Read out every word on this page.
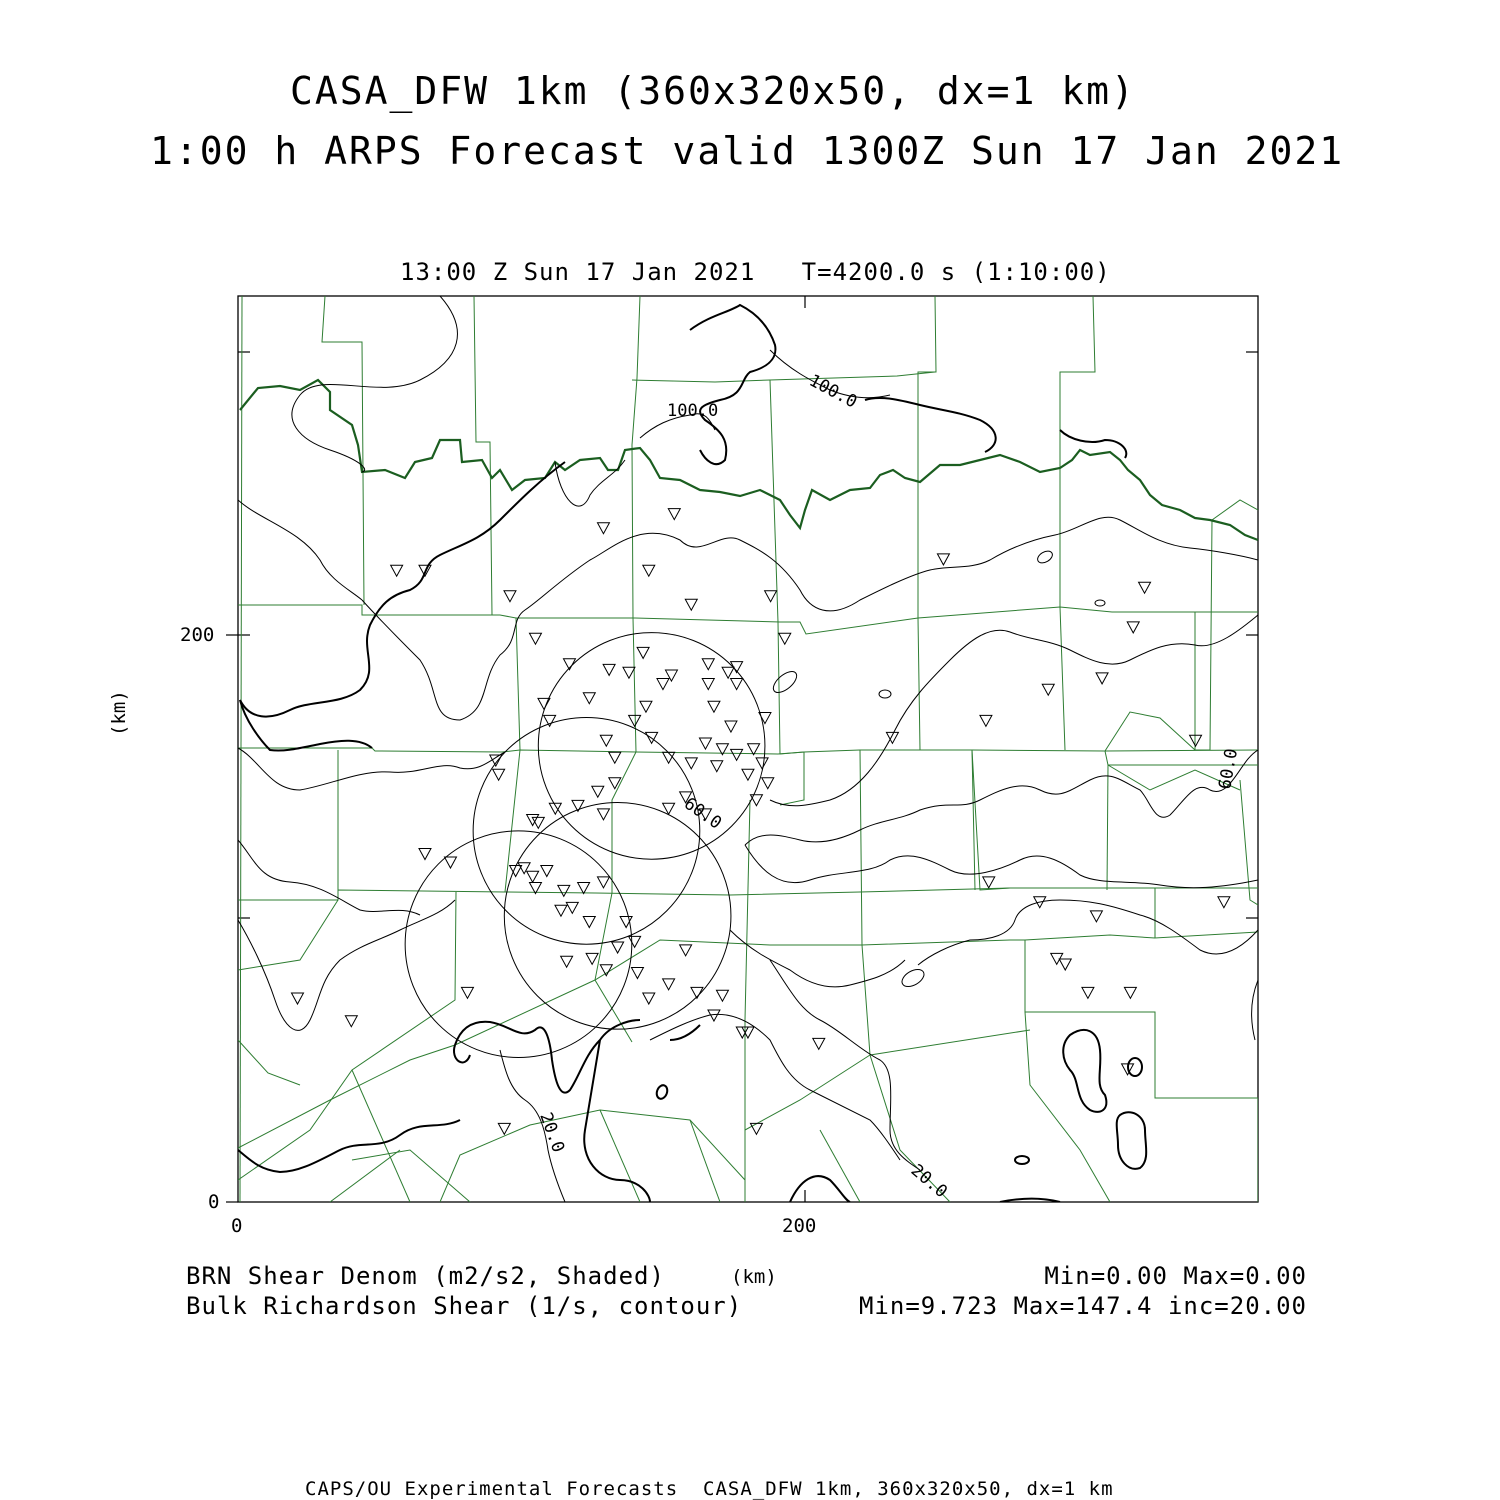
100.0	100.0
60.0
60.0
20.0
20.0
CASA_DFW 1km (360x320x50, dx=1 km)
1:00 h ARPS Forecast valid 1300Z Sun 17 Jan 2021
13:00 Z Sun 17 Jan 2021   T=4200.0 s (1:10:00)
200
0
0	200
(km)
(km)
BRN Shear Denom (m2/s2, Shaded)
Bulk Richardson Shear (1/s, contour)
Min=0.00 Max=0.00
Min=9.723 Max=147.4 inc=20.00
CAPS/OU Experimental Forecasts  CASA_DFW 1km, 360x320x50, dx=1 km
